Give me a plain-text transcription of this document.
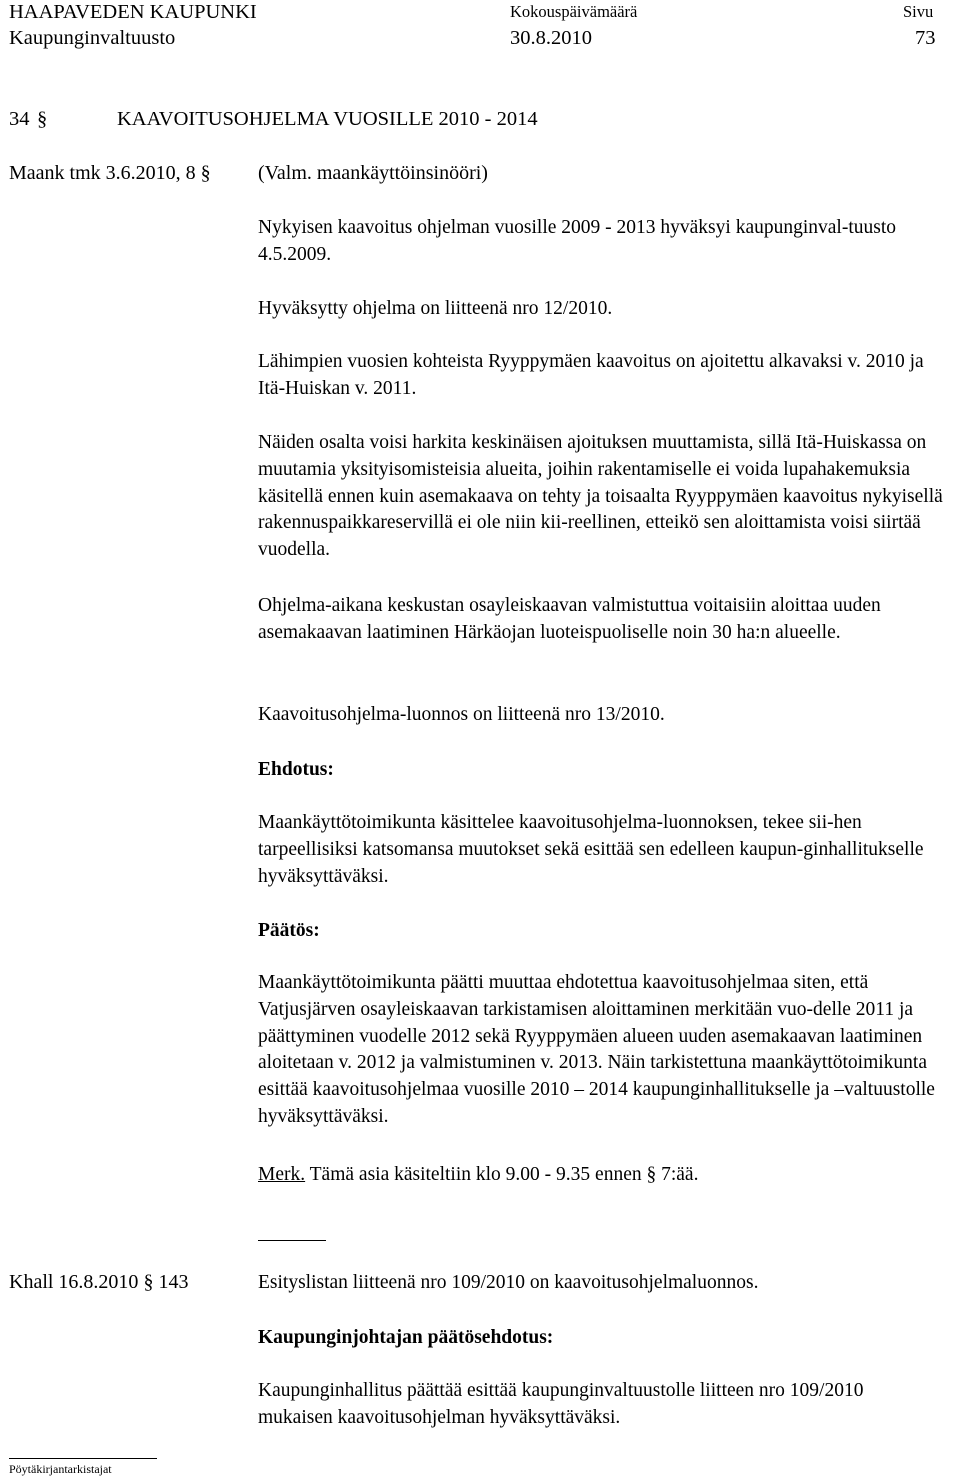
HAAPAVEDEN KAUPUNKI
Kaupunginvaltuusto
Kokouspäivämäärä
30.8.2010
Sivu
73
34 §	KAAVOITUSOHJELMA VUOSILLE 2010 - 2014
Maank tmk 3.6.2010, 8 § (Valm. maankäyttöinsinööri)

Nykyisen kaavoitus ohjelman vuosille 2009 - 2013 hyväksyi kaupunginval-tuusto 4.5.2009.

Hyväksytty ohjelma on liitteenä nro 12/2010.

Lähimpien vuosien kohteista Ryyppymäen kaavoitus on ajoitettu alkavaksi v. 2010 ja Itä-Huiskan v. 2011.

Näiden osalta voisi harkita keskinäisen ajoituksen muuttamista, sillä Itä-Huiskassa on muutamia yksityisomisteisia alueita, joihin rakentamiselle ei voida lupahakemuksia käsitellä ennen kuin asemakaava on tehty ja toisaalta Ryyppymäen kaavoitus nykyisellä rakennuspaikkareservillä ei ole niin kii-reellinen, etteikö sen aloittamista voisi siirtää vuodella.

Ohjelma-aikana keskustan osayleiskaavan valmistuttua voitaisiin aloittaa uuden asemakaavan laatiminen Härkäojan luoteispuoliselle noin 30 ha:n alueelle.

Kaavoitusohjelma-luonnos on liitteenä nro 13/2010.

Ehdotus:

Maankäyttötoimikunta käsittelee kaavoitusohjelma-luonnoksen, tekee sii-hen tarpeellisiksi katsomansa muutokset sekä esittää sen edelleen kaupun-ginhallitukselle hyväksyttäväksi.

Päätös:

Maankäyttötoimikunta päätti muuttaa ehdotettua kaavoitusohjelmaa siten, että Vatjusjärven osayleiskaavan tarkistamisen aloittaminen merkitään vuo-delle 2011 ja päättyminen vuodelle 2012 sekä Ryyppymäen alueen uuden asemakaavan laatiminen aloitetaan v. 2012 ja valmistuminen v. 2013. Näin tarkistettuna maankäyttötoimikunta esittää kaavoitusohjelmaa vuosille 2010 – 2014 kaupunginhallitukselle ja –valtuustolle hyväksyttäväksi.

Merk. Tämä asia käsiteltiin klo 9.00 - 9.35 ennen § 7:ää.

Khall 16.8.2010 § 143	Esityslistan liitteenä nro 109/2010 on kaavoitusohjelmaluonnos.

Kaupunginjohtajan päätösehdotus:

Kaupunginhallitus päättää esittää kaupunginvaltuustolle liitteen nro 109/2010 mukaisen kaavoitusohjelman hyväksyttäväksi.

Pöytäkirjantarkistajat
